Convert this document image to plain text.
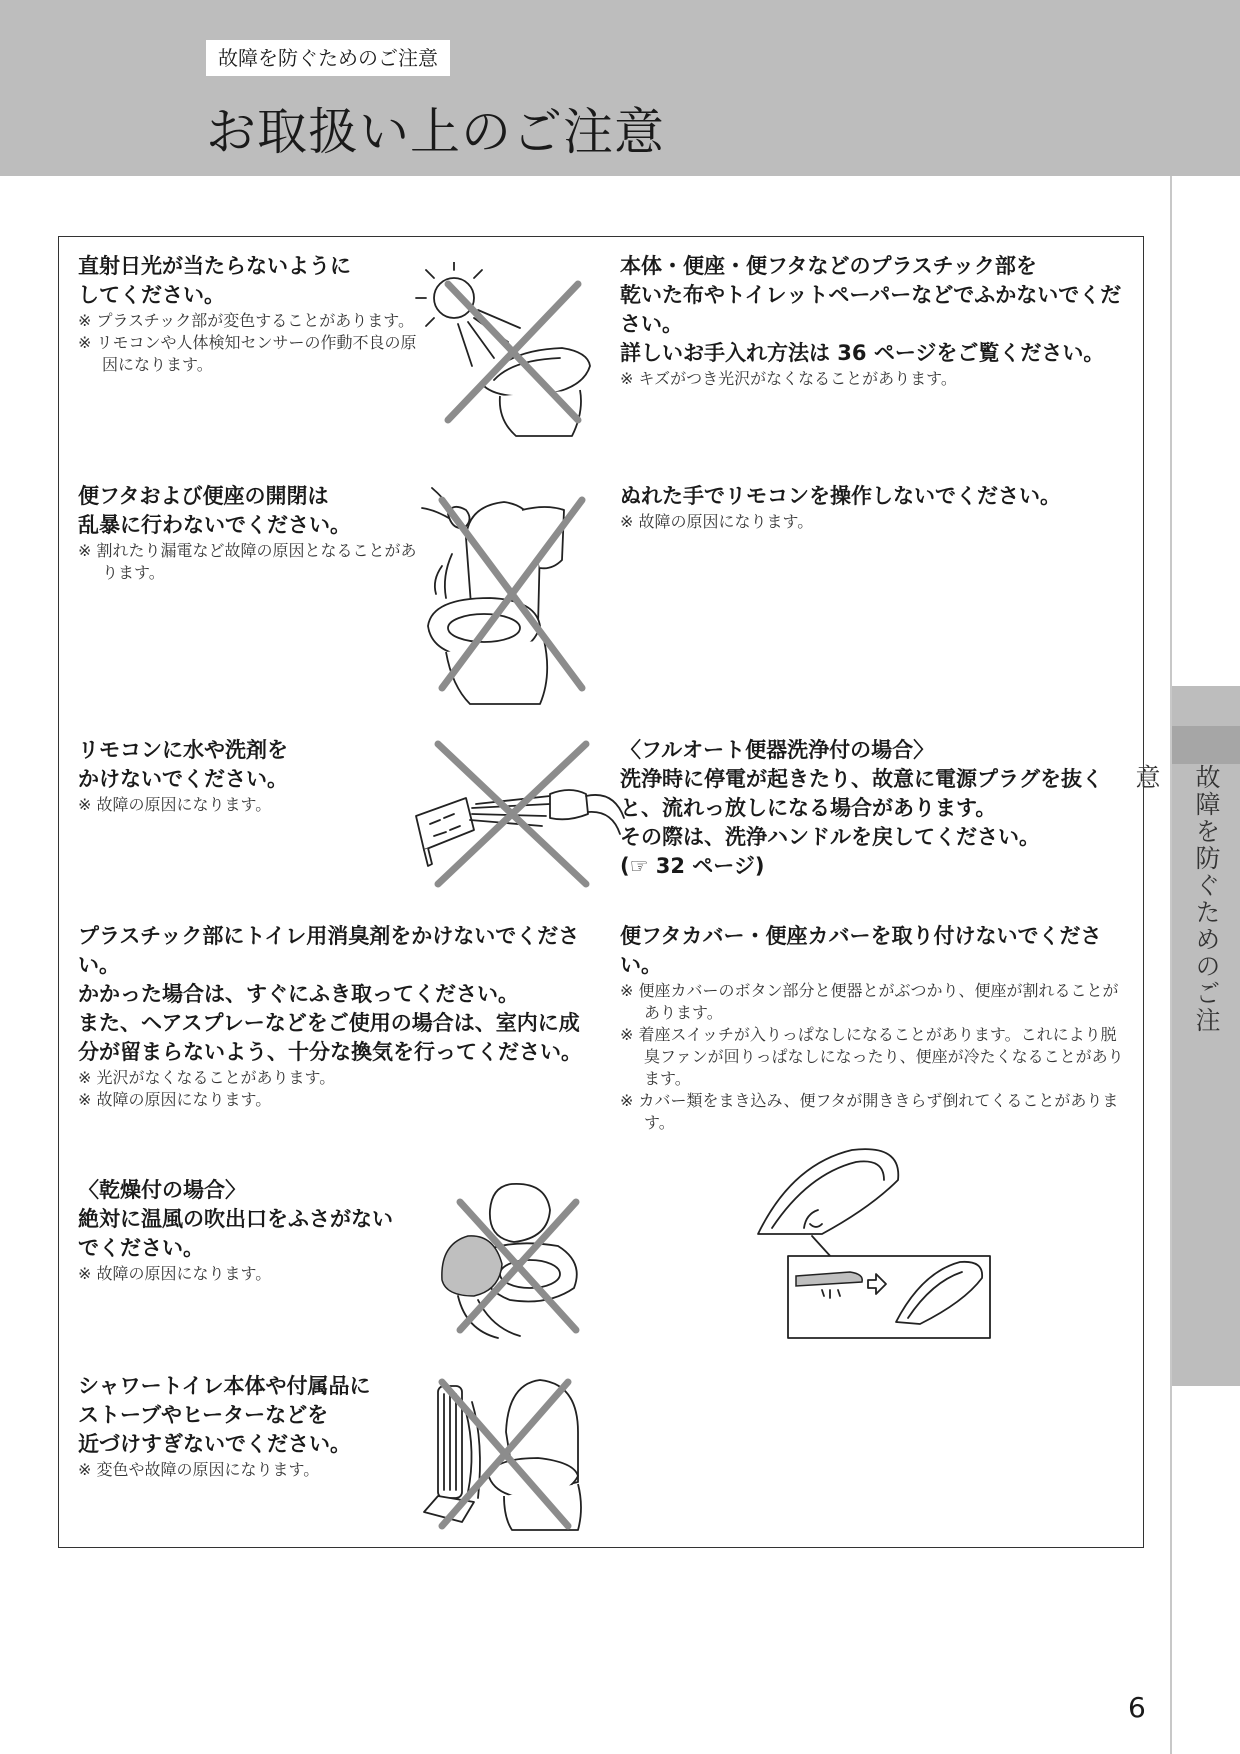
故障を防ぐためのご注意
お取扱い上のご注意
故障を防ぐためのご注意
直射日光が当たらないように
してください。
※ プラスチック部が変色することがあります。
※ リモコンや人体検知センサーの作動不良の原因になります。
本体・便座・便フタなどのプラスチック部を
乾いた布やトイレットペーパーなどでふかないでください。
詳しいお手入れ方法は 36 ページをご覧ください。
※ キズがつき光沢がなくなることがあります。
便フタおよび便座の開閉は
乱暴に行わないでください。
※ 割れたり漏電など故障の原因となることがあります。
ぬれた手でリモコンを操作しないでください。
※ 故障の原因になります。
リモコンに水や洗剤を
かけないでください。
※ 故障の原因になります。
〈フルオート便器洗浄付の場合〉
洗浄時に停電が起きたり、故意に電源プラグを抜くと、流れっ放しになる場合があります。
その際は、洗浄ハンドルを戻してください。
(☞ 32 ページ)
プラスチック部にトイレ用消臭剤をかけないでください。
かかった場合は、すぐにふき取ってください。
また、ヘアスプレーなどをご使用の場合は、室内に成分が留まらないよう、十分な換気を行ってください。
※ 光沢がなくなることがあります。
※ 故障の原因になります。
便フタカバー・便座カバーを取り付けないでください。
※ 便座カバーのボタン部分と便器とがぶつかり、便座が割れることがあります。
※ 着座スイッチが入りっぱなしになることがあります。これにより脱臭ファンが回りっぱなしになったり、便座が冷たくなることがあります。
※ カバー類をまき込み、便フタが開ききらず倒れてくることがあります。
〈乾燥付の場合〉
絶対に温風の吹出口をふさがないでください。
※ 故障の原因になります。
シャワートイレ本体や付属品に
ストーブやヒーターなどを
近づけすぎないでください。
※ 変色や故障の原因になります。
6
